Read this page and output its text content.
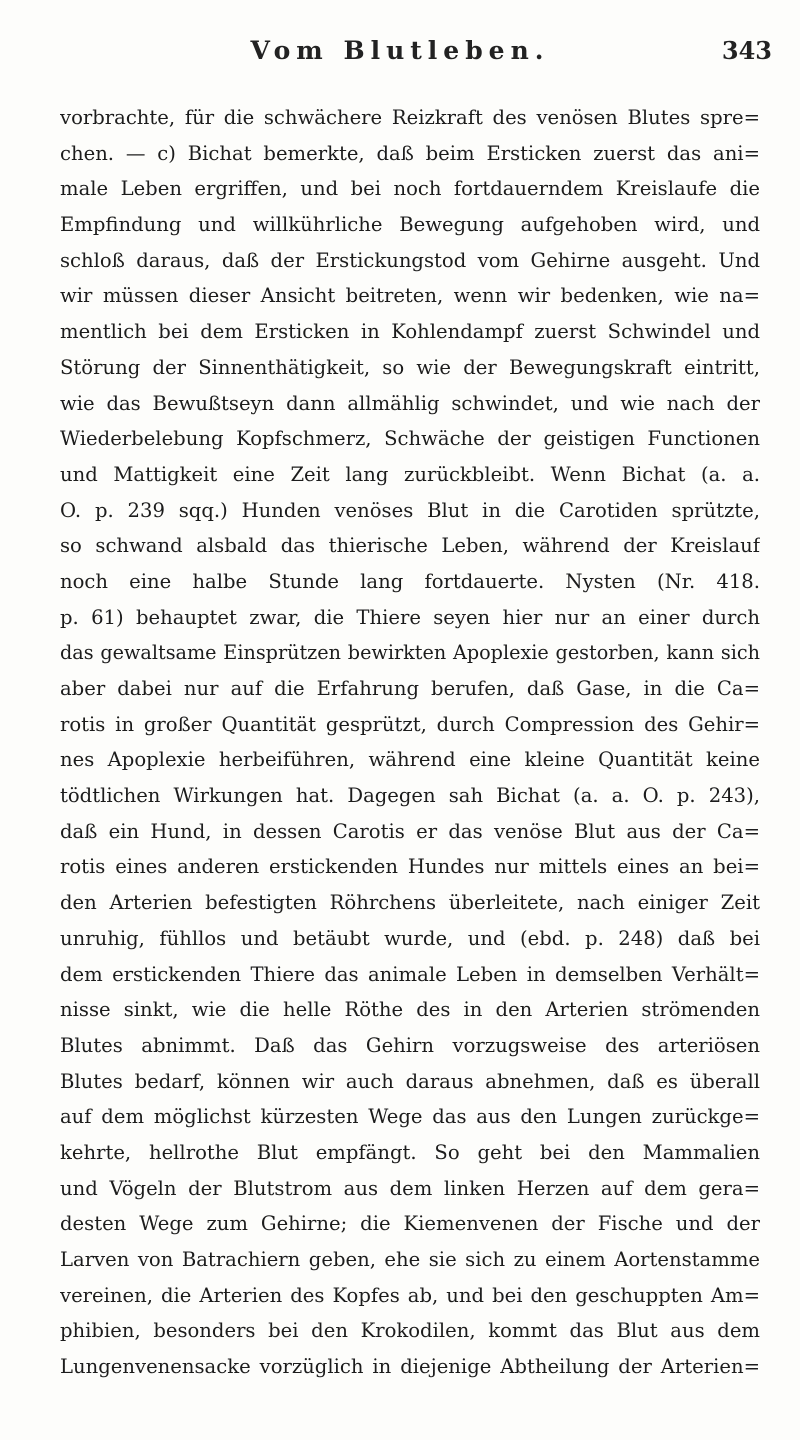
Vom Blutleben.	343
vorbrachte, für die schwächere Reizkraft des venösen Blutes spre=
chen. — c) Bichat bemerkte, daß beim Ersticken zuerst das ani=
male Leben ergriffen, und bei noch fortdauerndem Kreislaufe die
Empfindung und willkührliche Bewegung aufgehoben wird, und
schloß daraus, daß der Erstickungstod vom Gehirne ausgeht. Und
wir müssen dieser Ansicht beitreten, wenn wir bedenken, wie na=
mentlich bei dem Ersticken in Kohlendampf zuerst Schwindel und
Störung der Sinnenthätigkeit, so wie der Bewegungskraft eintritt,
wie das Bewußtseyn dann allmählig schwindet, und wie nach der
Wiederbelebung Kopfschmerz, Schwäche der geistigen Functionen
und Mattigkeit eine Zeit lang zurückbleibt. Wenn Bichat (a. a.
O. p. 239 sqq.) Hunden venöses Blut in die Carotiden sprützte,
so schwand alsbald das thierische Leben, während der Kreislauf
noch eine halbe Stunde lang fortdauerte. Nysten (Nr. 418.
p. 61) behauptet zwar, die Thiere seyen hier nur an einer durch
das gewaltsame Einsprützen bewirkten Apoplexie gestorben, kann sich
aber dabei nur auf die Erfahrung berufen, daß Gase, in die Ca=
rotis in großer Quantität gesprützt, durch Compression des Gehir=
nes Apoplexie herbeiführen, während eine kleine Quantität keine
tödtlichen Wirkungen hat. Dagegen sah Bichat (a. a. O. p. 243),
daß ein Hund, in dessen Carotis er das venöse Blut aus der Ca=
rotis eines anderen erstickenden Hundes nur mittels eines an bei=
den Arterien befestigten Röhrchens überleitete, nach einiger Zeit
unruhig, fühllos und betäubt wurde, und (ebd. p. 248) daß bei
dem erstickenden Thiere das animale Leben in demselben Verhält=
nisse sinkt, wie die helle Röthe des in den Arterien strömenden
Blutes abnimmt. Daß das Gehirn vorzugsweise des arteriösen
Blutes bedarf, können wir auch daraus abnehmen, daß es überall
auf dem möglichst kürzesten Wege das aus den Lungen zurückge=
kehrte, hellrothe Blut empfängt. So geht bei den Mammalien
und Vögeln der Blutstrom aus dem linken Herzen auf dem gera=
desten Wege zum Gehirne; die Kiemenvenen der Fische und der
Larven von Batrachiern geben, ehe sie sich zu einem Aortenstamme
vereinen, die Arterien des Kopfes ab, und bei den geschuppten Am=
phibien, besonders bei den Krokodilen, kommt das Blut aus dem
Lungenvenensacke vorzüglich in diejenige Abtheilung der Arterien=
